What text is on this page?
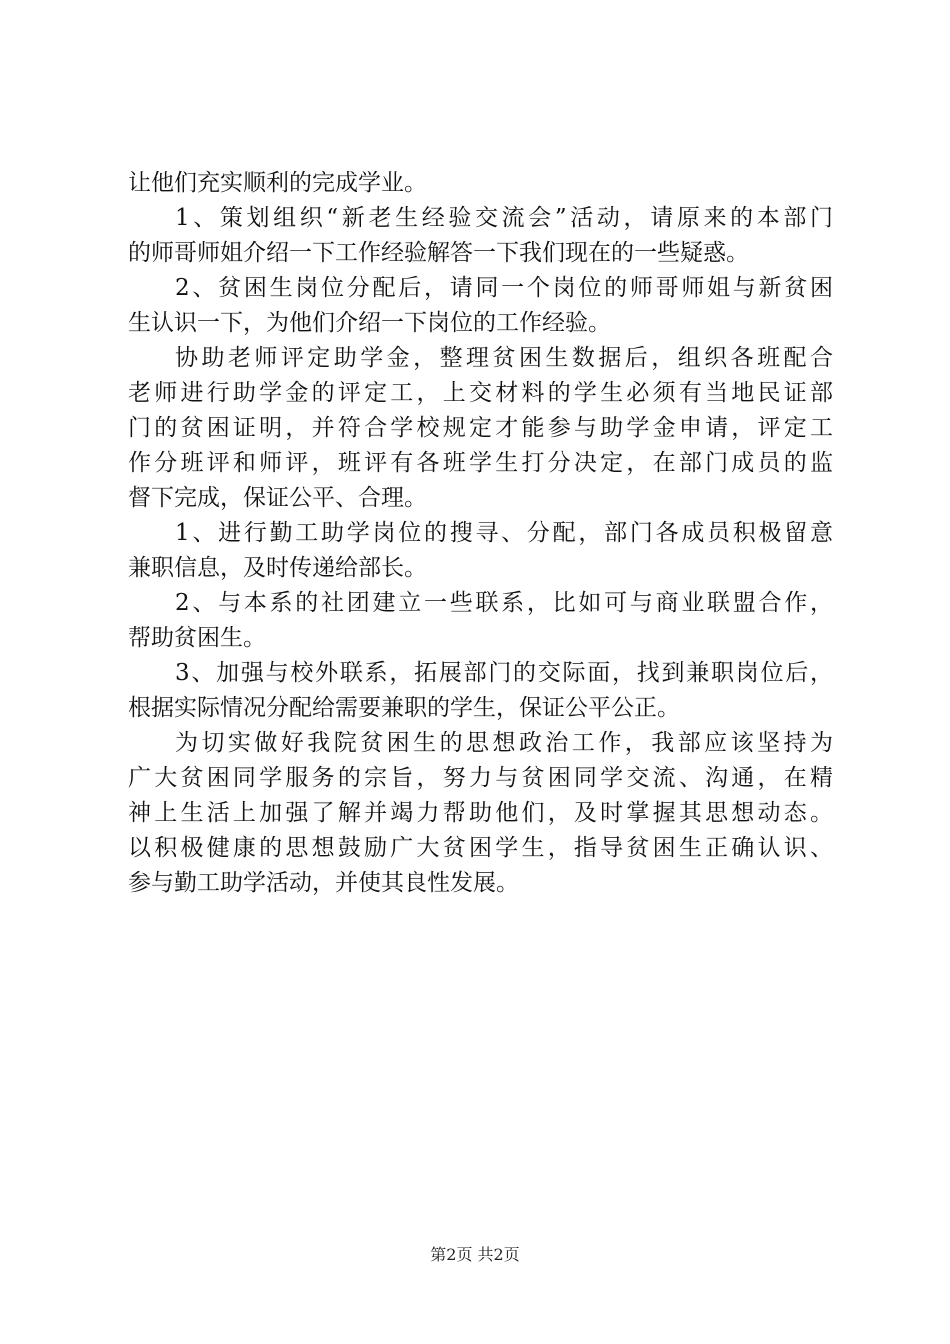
让他们充实顺利的完成学业。
1、策划组织“新老生经验交流会”活动，请原来的本部门
的师哥师姐介绍一下工作经验解答一下我们现在的一些疑惑。
2、贫困生岗位分配后，请同一个岗位的师哥师姐与新贫困
生认识一下，为他们介绍一下岗位的工作经验。
协助老师评定助学金，整理贫困生数据后，组织各班配合
老师进行助学金的评定工，上交材料的学生必须有当地民证部
门的贫困证明，并符合学校规定才能参与助学金申请，评定工
作分班评和师评，班评有各班学生打分决定，在部门成员的监
督下完成，保证公平、合理。
1、进行勤工助学岗位的搜寻、分配，部门各成员积极留意
兼职信息，及时传递给部长。
2、与本系的社团建立一些联系，比如可与商业联盟合作，
帮助贫困生。
3、加强与校外联系，拓展部门的交际面，找到兼职岗位后，
根据实际情况分配给需要兼职的学生，保证公平公正。
为切实做好我院贫困生的思想政治工作，我部应该坚持为
广大贫困同学服务的宗旨，努力与贫困同学交流、沟通，在精
神上生活上加强了解并竭力帮助他们，及时掌握其思想动态。
以积极健康的思想鼓励广大贫困学生，指导贫困生正确认识、
参与勤工助学活动，并使其良性发展。
第2页 共2页
